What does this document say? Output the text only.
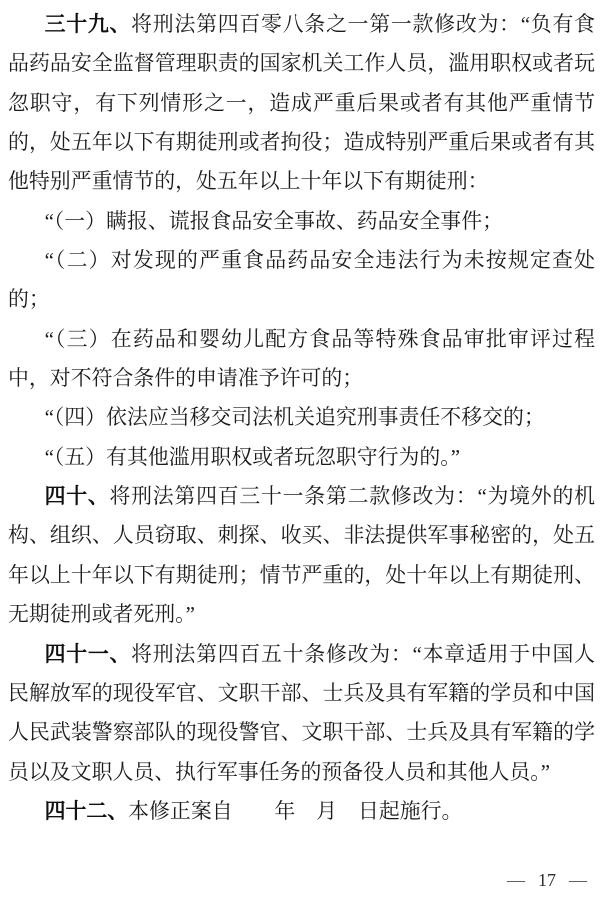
三十九、将刑法第四百零八条之一第一款修改为：“负有食品药品安全监督管理职责的国家机关工作人员，滥用职权或者玩忽职守，有下列情形之一，造成严重后果或者有其他严重情节的，处五年以下有期徒刑或者拘役；造成特别严重后果或者有其他特别严重情节的，处五年以上十年以下有期徒刑：

“（一）瞒报、谎报食品安全事故、药品安全事件；

“（二）对发现的严重食品药品安全违法行为未按规定查处的；

“（三）在药品和婴幼儿配方食品等特殊食品审批审评过程中，对不符合条件的申请准予许可的；

“（四）依法应当移交司法机关追究刑事责任不移交的；

“（五）有其他滥用职权或者玩忽职守行为的。”

四十、将刑法第四百三十一条第二款修改为：“为境外的机构、组织、人员窃取、刺探、收买、非法提供军事秘密的，处五年以上十年以下有期徒刑；情节严重的，处十年以上有期徒刑、无期徒刑或者死刑。”

四十一、将刑法第四百五十条修改为：“本章适用于中国人民解放军的现役军官、文职干部、士兵及具有军籍的学员和中国人民武装警察部队的现役警官、文职干部、士兵及具有军籍的学员以及文职人员、执行军事任务的预备役人员和其他人员。”

四十二、本修正案自　　年　月　日起施行。

— 17 —
